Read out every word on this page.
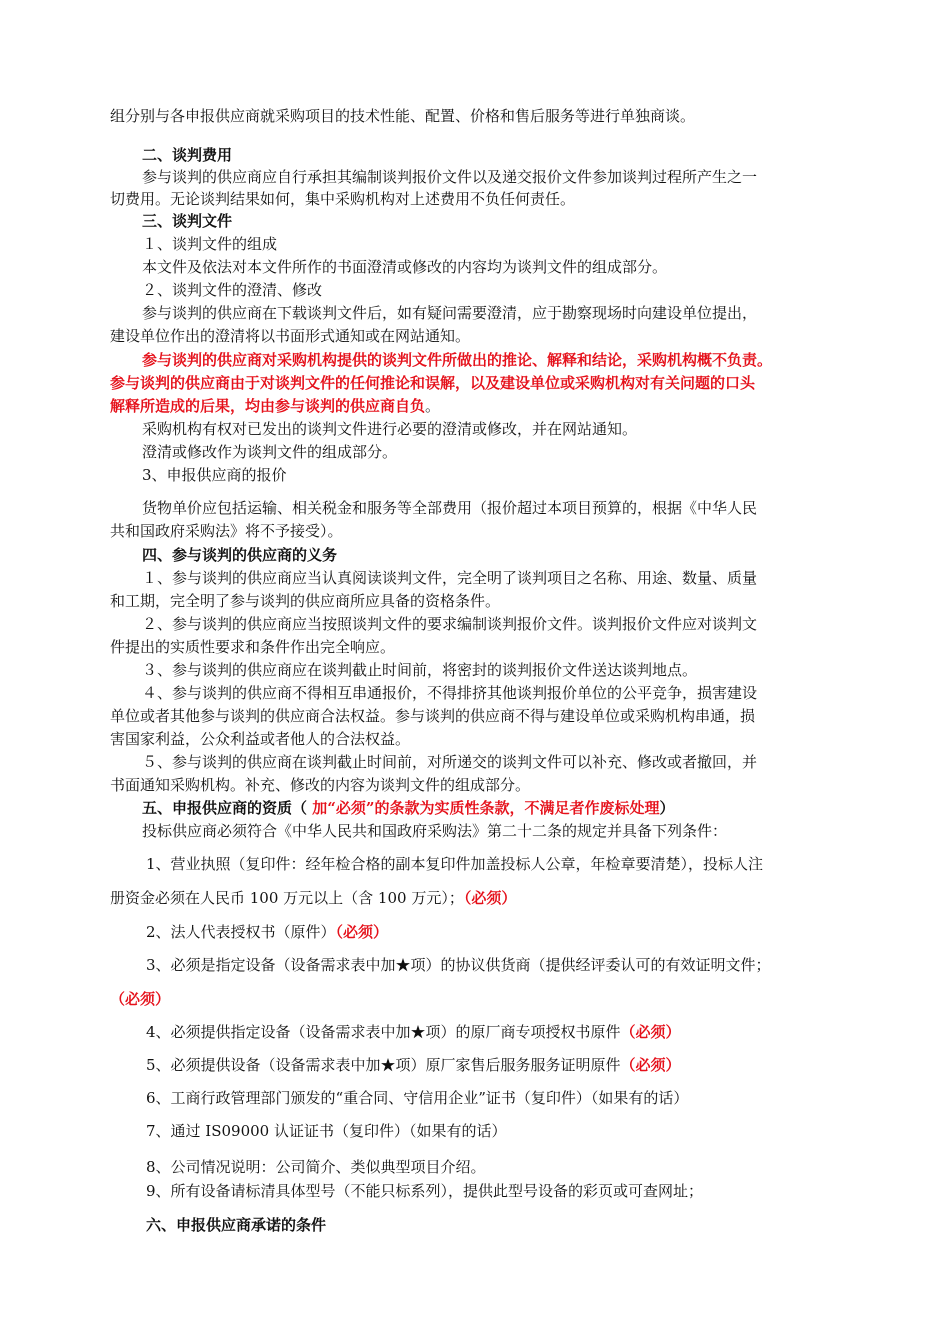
组分别与各申报供应商就采购项目的技术性能、配置、价格和售后服务等进行单独商谈。

二、谈判费用

参与谈判的供应商应自行承担其编制谈判报价文件以及递交报价文件参加谈判过程所产生之一

切费用。无论谈判结果如何，集中采购机构对上述费用不负任何责任。

三、谈判文件

１、谈判文件的组成

本文件及依法对本文件所作的书面澄清或修改的内容均为谈判文件的组成部分。

２、谈判文件的澄清、修改

参与谈判的供应商在下载谈判文件后，如有疑问需要澄清，应于勘察现场时向建设单位提出，

建设单位作出的澄清将以书面形式通知或在网站通知。

参与谈判的供应商对采购机构提供的谈判文件所做出的推论、解释和结论，采购机构概不负责。

参与谈判的供应商由于对谈判文件的任何推论和误解，以及建设单位或采购机构对有关问题的口头

解释所造成的后果，均由参与谈判的供应商自负。

采购机构有权对已发出的谈判文件进行必要的澄清或修改，并在网站通知。

澄清或修改作为谈判文件的组成部分。

3、申报供应商的报价

货物单价应包括运输、相关税金和服务等全部费用（报价超过本项目预算的，根据《中华人民

共和国政府采购法》将不予接受）。

四、参与谈判的供应商的义务

１、参与谈判的供应商应当认真阅读谈判文件，完全明了谈判项目之名称、用途、数量、质量

和工期，完全明了参与谈判的供应商所应具备的资格条件。

２、参与谈判的供应商应当按照谈判文件的要求编制谈判报价文件。谈判报价文件应对谈判文

件提出的实质性要求和条件作出完全响应。

３、参与谈判的供应商应在谈判截止时间前，将密封的谈判报价文件送达谈判地点。

４、参与谈判的供应商不得相互串通报价，不得排挤其他谈判报价单位的公平竞争，损害建设

单位或者其他参与谈判的供应商合法权益。参与谈判的供应商不得与建设单位或采购机构串通，损

害国家利益，公众利益或者他人的合法权益。

５、参与谈判的供应商在谈判截止时间前，对所递交的谈判文件可以补充、修改或者撤回，并

书面通知采购机构。补充、修改的内容为谈判文件的组成部分。

五、申报供应商的资质（ 加“必须”的条款为实质性条款，不满足者作废标处理）

投标供应商必须符合《中华人民共和国政府采购法》第二十二条的规定并具备下列条件：

1、营业执照（复印件：经年检合格的副本复印件加盖投标人公章，年检章要清楚），投标人注

册资金必须在人民币 100 万元以上（含 100 万元）；（必须）

2、法人代表授权书（原件）（必须）

3、必须是指定设备（设备需求表中加★项）的协议供货商（提供经评委认可的有效证明文件；

（必须）

4、必须提供指定设备（设备需求表中加★项）的原厂商专项授权书原件（必须）

5、必须提供设备（设备需求表中加★项）原厂家售后服务服务证明原件（必须）

6、工商行政管理部门颁发的“重合同、守信用企业”证书（复印件）（如果有的话）

7、通过 IS09000 认证证书（复印件）（如果有的话）

8、公司情况说明：公司简介、类似典型项目介绍。

9、所有设备请标清具体型号（不能只标系列），提供此型号设备的彩页或可查网址；

六、申报供应商承诺的条件
